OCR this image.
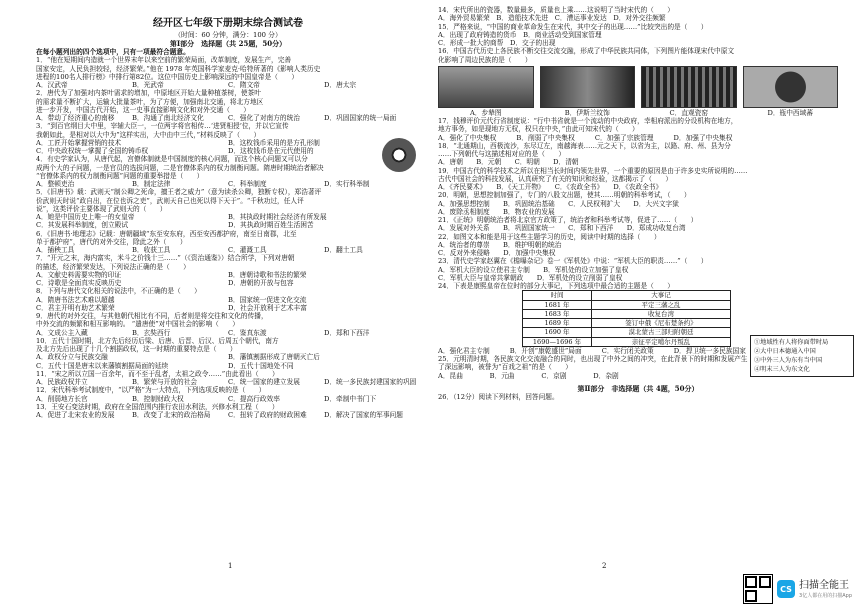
经开区七年级下册期末综合测试卷
（时间：60 分钟，满分：100 分）
第Ⅰ部分　选择题（共 25题，50分）
在每小题列出的四个选项中，只有一项最符合题意。
1．“他在短期间内造就一个世界末年以来空前的繁荣局面，改革制度，发展生产，完善
国家安定，人民负担较轻，经济繁荣。”他在 1978 年英国科学家麦克·哈特所著的《影响人类历史
进程的100名人排行榜》中排行第82位。这位中国历史上影响深远的中国皇帝是（　　）
A．汉武帝	B．光武帝	C．隋文帝	D．唐太宗
2．唐代为了加强对内茶叶需求的增加，中原地区开始大量种植茶树，使茶叶
的需求量不断扩大，运输大批量茶叶，为了方便，加强南北交通，将北方地区
进一步开发，中国古代开始，这一史事直接影响文化和对外交通（　　）
A．带动了经济重心的南移	B．沟通了南北经济文化	C．强化了对南方的统治	D．巩固国家的统一局面
3．“到百官纲目大中里，宰辅大臣一，一位两字将官相传…‘进贤相授’位，并以它宣传
我朝如此，是相对以大中为”这样实出，大中由中三代，”材料反映了（　　）
A．工匠开始掌握营销的技术	B．这枚钱币采用的是方孔形制
C．中央政权统一掌握了全国的铸币权	D．这枚钱币是在元代使用的
4．有史学家认为，从唐代起，宫僚体制就是中国制度的核心问题，而这个核心问题又可以分
成两个大的子问题，一是官员的选拔问题，二是官僚体系内的权力制衡问题。隋唐时期统治者解决
“官僚体系内的权力制衡问题”问题的重要举措是（　　）
A．整顿吏治	B．制定法律	C．科举制度	D．实行科举制
5．《旧唐书》载：武则天“制公卿之死命，擅王者之威力”（意为读杀公卿，独断专权），郑浩著评
价武则天时说“政自出，在位也诉之吏”，武则天自己也死以得下天于”。“千秋功过，任人评
说”，这类评价主要体现了武则天的（　　）
A．她是中国历史上唯一的女皇帝	B．其执政时期社会经济有所发展
C．其发展科举制度，创立殿试	D．其执政时期百姓生活困苦
6．《旧唐书·地理志》记载：唐朝疆域“东至安东府，西至安西都护府，南至日南郡，北至
单于都护府”，唐代的对外交往，除此之外（　　）
A．插秧工具	B．收获工具	C．灌溉工具	D．翻土工具
7．“开元之末，海内富实，米斗之价钱十三……”（《资治通鉴》）结合所学，下列对唐朝
的描述，经济繁荣发达，下列说法正确的是（　　）
A．文献史料需要实物的印证	B．唐朝诗歌和书法的繁荣
C．诗歌是全面真实反映历史	D．唐朝的开放与包容
8．下列与唐代文化相关的说法中，不正确的是（　　）
A．隋唐书法艺术难以超越	B．国家统一促进文化交流
C．君主开明有助艺术繁荣	D．社会开放利于艺术丰富
9．唐代的对外交往，与其他朝代相比有不同，后者则是将交往和文化的传播，
中外交流的频繁和相互影响的。 “遣唐使”对中国社会的影响（　　）
A．文成公主入藏	B．玄奘西行	C．鉴真东渡	D．郑和下西洋
10．五代十国时期，北方先后经历后梁、后唐、后晋、后汉、后周五个朝代，南方
及北方先后出现了十几个割据政权，这一时期的重要特点是（　　）
A．政权分立与民族交融	B．藩镇割据形成了唐朝灭亡后
C．五代十国是唐末以来藩镇割据局面的延续	D．五代十国地处不同
11．“宋之所以立国一百余年，而不至于乱者，太祖之政令……”由此看出（　　）
A．民族政权并立	B．繁荣与开放的社会	C．统一国家的建立发展	D．统一多民族封建国家的巩固
12．宋代科举考试制度中，“以严格”为一大特点，下列选项反映的是（　　）
A．削弱地方长官	B．控制财政大权	C．提高行政效率	D．牵制中书门下
13．王安石变法时期，政府在全国范围内推行农田水利法，兴修水利工程（　　）
A．促进了北宋农业的发展	B．改变了北宋的政治格局	C．扭转了政府的财政困难	D．解决了国家的军事问题
1
14．宋代所出的瓷器，数量最多，质量也上乘……这说明了当时宋代的（　　）
A．海外贸易繁荣　B．造船技术先进　C．漕运事业发达　D．对外交往频繁
15．严格来说，“中国的商业革命发生在宋代，其中交子的出现……”比较突出的是（　　）
A．出现了政府铸造的货币　B．商业活动受到国家管理
C．形成一批大的商帮　D．交子的出现
16．中国古代历史上各民族不断交往交流交融，形成了中华民族共同体，下列图片能体现宋代中原文
化影响了周边民族的是（　　）
A．步辇图	B．伊斯兰纹饰	C．直观瓷窑	D．瓶中西域蕃
17．钱穆评价元代行省制度说：“行中书省就是一个流动的中央政府，幸相府派出的分设机构在地方，
地方事务，如是现地方无权，权只在中央，”由此可知宋代的（　　）
A．强化了中央集权　　　B．削弱了中央集权　　　C．加强了宗族管理　　　D．加强了中央集权
18．“北通期山，西极流沙，东尽辽左，南越海表……元之天下，以省为主，以路、府、州、县为分
……下列朝代与这描述相对应的是（　　）
A．唐朝　　B．元朝　　C．明朝　　D．清朝
19．中国古代的科学技术之所以在相当长时间内领先世界，一个重要的原因是由于许多史实所说明的……
古代中国社会的科技发展，认真研究了有关的知识和经验，这都揭示了（　　）
A．《齐民要术》　　B．《天工开物》　　C．《农政全书》　　D．《农政全书》
20．明朝，思想控制加强了，专门的八股文出题，使其……明朝的科举考试，（　　）
A．加强思想控制　　B．巩固统治基础　　C．人民权利扩大　　D．大兴文字狱
A．废除丞相制度　　B．物农业的发展
21．《正统》明朝统治者将北京官方政策了，统治者和科举考试等，促进了……（　　）
A．发展对外关系　　B．巩固国家统一　　C．郑和下西洋　　D．郑成功收复台湾
22．如图文本和能是用于这些主题学习的历史，阅读中时期的选择（　　）
A．统治者的尊崇　　B．维护明朝的统治
C．反对外来侵略　　D．加强中央集权
23．清代史学家赵翼在《檐曝杂记》卷一《军机处》中说：“军机大臣的职责……”（　　）
A．军机大臣的设立使君主专制　　B．军机处的设立加强了皇权
C．军机大臣与皇帝共掌朝政　　D．军机处的设立削弱了皇权
24．下表是康熙皇帝在位时的部分大事记，下列选项中最合适的主题是（　　）
时间	大事记
1681 年	平定三藩之乱
1683 年	收复台湾
1689 年	签订中俄《尼布楚条约》
1690 年	漠北蒙古三部归附朝廷
1690—1696 年	亲征平定噶尔丹叛乱
A．强化君主专制　　　B．开创“康乾盛世”局面　　　C．实行闭关政策　　　D．捍卫统一多民族国家
25．元明清时期，各民族文化交流融合的同时，也出现了中外之间的冲突，在此背景下的时期和发展产生
了深远影响，被誉为“百戏之祖”的是（　　）
A．昆曲　　　　B．元曲　　　　C．京剧　　　　D．杂剧
第Ⅱ部分　非选择题（共 4题，50分）
26．（12分）阅读下列材料，回答问题。
①地域性有人将你面带时局
②大中日本德通入中国
③中外三人为东有当中国
④明末三人为东文化
2
CS 扫描全能王
3亿人都在用的扫描App
